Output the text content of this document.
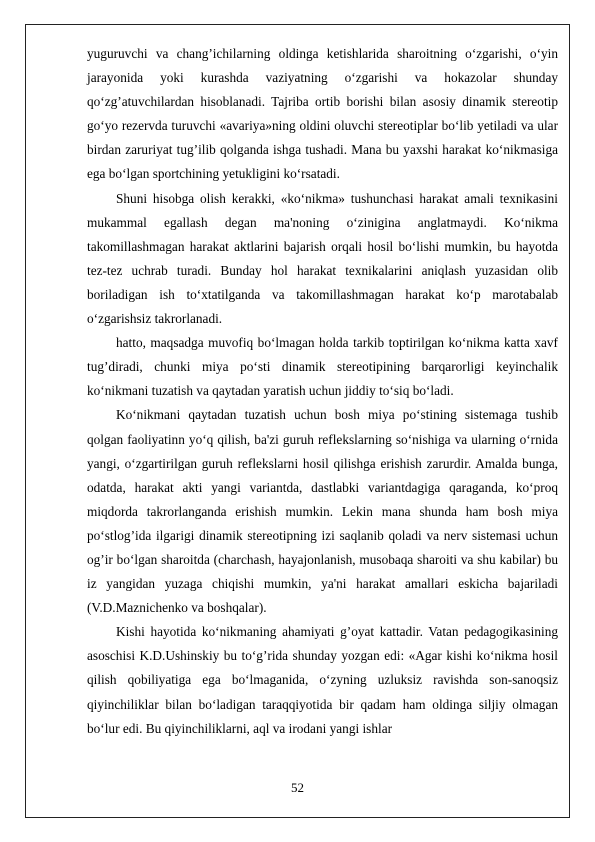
yuguruvchi va chang’ichilarning oldinga ketishlarida sharoitning o‘zgarishi, o‘yin jarayonida yoki kurashda vaziyatning o‘zgarishi va hokazolar shunday qo‘zg’atuvchilardan hisoblanadi. Tajriba ortib borishi bilan asosiy dinamik stereotip go‘yo rezervda turuvchi «avariya»ning oldini oluvchi stereotiplar bo‘lib yetiladi va ular birdan zaruriyat tug’ilib qolganda ishga tushadi. Mana bu yaxshi harakat ko‘nikmasiga ega bo‘lgan sportchining yetukligini ko‘rsatadi.

Shuni hisobga olish kerakki, «ko‘nikma» tushunchasi harakat amali texnikasini mukammal egallash degan ma'noning o‘zinigina anglatmaydi. Ko‘nikma takomillashmagan harakat aktlarini bajarish orqali hosil bo‘lishi mumkin, bu hayotda tez-tez uchrab turadi. Bunday hol harakat texnikalarini aniqlash yuzasidan olib boriladigan ish to‘xtatilganda va takomillashmagan harakat ko‘p marotabalab o‘zgarishsiz takrorlanadi.

hatto, maqsadga muvofiq bo‘lmagan holda tarkib toptirilgan ko‘nikma katta xavf tug’diradi, chunki miya po‘sti dinamik stereotipining barqarorligi keyinchalik ko‘nikmani tuzatish va qaytadan yaratish uchun jiddiy to‘siq bo‘ladi.

Ko‘nikmani qaytadan tuzatish uchun bosh miya po‘stining sistemaga tushib qolgan faoliyatinn yo‘q qilish, ba'zi guruh reflekslarning so‘nishiga va ularning o‘rnida yangi, o‘zgartirilgan guruh reflekslarni hosil qilishga erishish zarurdir. Amalda bunga, odatda, harakat akti yangi variantda, dastlabki variantdagiga qaraganda, ko‘proq miqdorda takrorlanganda erishish mumkin. Lekin mana shunda ham bosh miya po‘stlog’ida ilgarigi dinamik stereotipning izi saqlanib qoladi va nerv sistemasi uchun og’ir bo‘lgan sharoitda (charchash, hayajonlanish, musobaqa sharoiti va shu kabilar) bu iz yangidan yuzaga chiqishi mumkin, ya'ni harakat amallari eskicha bajariladi (V.D.Maznichenko va boshqalar).

Kishi hayotida ko‘nikmaning ahamiyati g’oyat kattadir. Vatan pedagogikasining asoschisi K.D.Ushinskiy bu to‘g’rida shunday yozgan edi: «Agar kishi ko‘nikma hosil qilish qobiliyatiga ega bo‘lmaganida, o‘zyning uzluksiz ravishda son-sanoqsiz qiyinchiliklar bilan bo‘ladigan taraqqiyotida bir qadam ham oldinga siljiy olmagan bo‘lur edi. Bu qiyinchiliklarni, aql va irodani yangi ishlar

52
